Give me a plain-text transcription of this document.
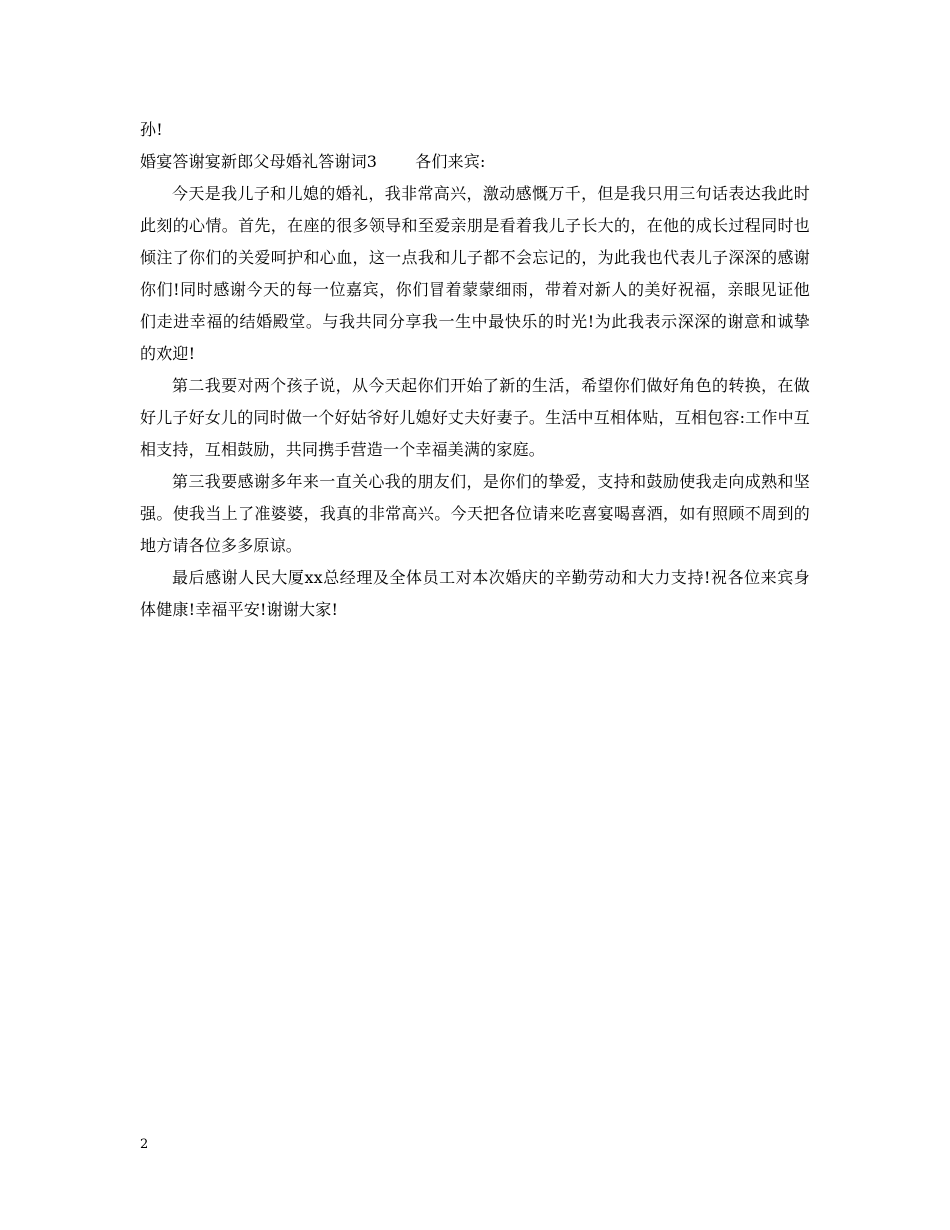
孙!

婚宴答谢宴新郎父母婚礼答谢词3 各们来宾:

今天是我儿子和儿媳的婚礼，我非常高兴，激动感慨万千，但是我只用三句话表达我此时此刻的心情。首先，在座的很多领导和至爱亲朋是看着我儿子长大的，在他的成长过程同时也倾注了你们的关爱呵护和心血，这一点我和儿子都不会忘记的，为此我也代表儿子深深的感谢你们!同时感谢今天的每一位嘉宾，你们冒着蒙蒙细雨，带着对新人的美好祝福，亲眼见证他们走进幸福的结婚殿堂。与我共同分享我一生中最快乐的时光!为此我表示深深的谢意和诚挚的欢迎!

第二我要对两个孩子说，从今天起你们开始了新的生活，希望你们做好角色的转换，在做好儿子好女儿的同时做一个好姑爷好儿媳好丈夫好妻子。生活中互相体贴，互相包容:工作中互相支持，互相鼓励，共同携手营造一个幸福美满的家庭。

第三我要感谢多年来一直关心我的朋友们，是你们的挚爱，支持和鼓励使我走向成熟和坚强。使我当上了准婆婆，我真的非常高兴。今天把各位请来吃喜宴喝喜酒，如有照顾不周到的地方请各位多多原谅。

最后感谢人民大厦xx总经理及全体员工对本次婚庆的辛勤劳动和大力支持!祝各位来宾身体健康!幸福平安!谢谢大家!

2
